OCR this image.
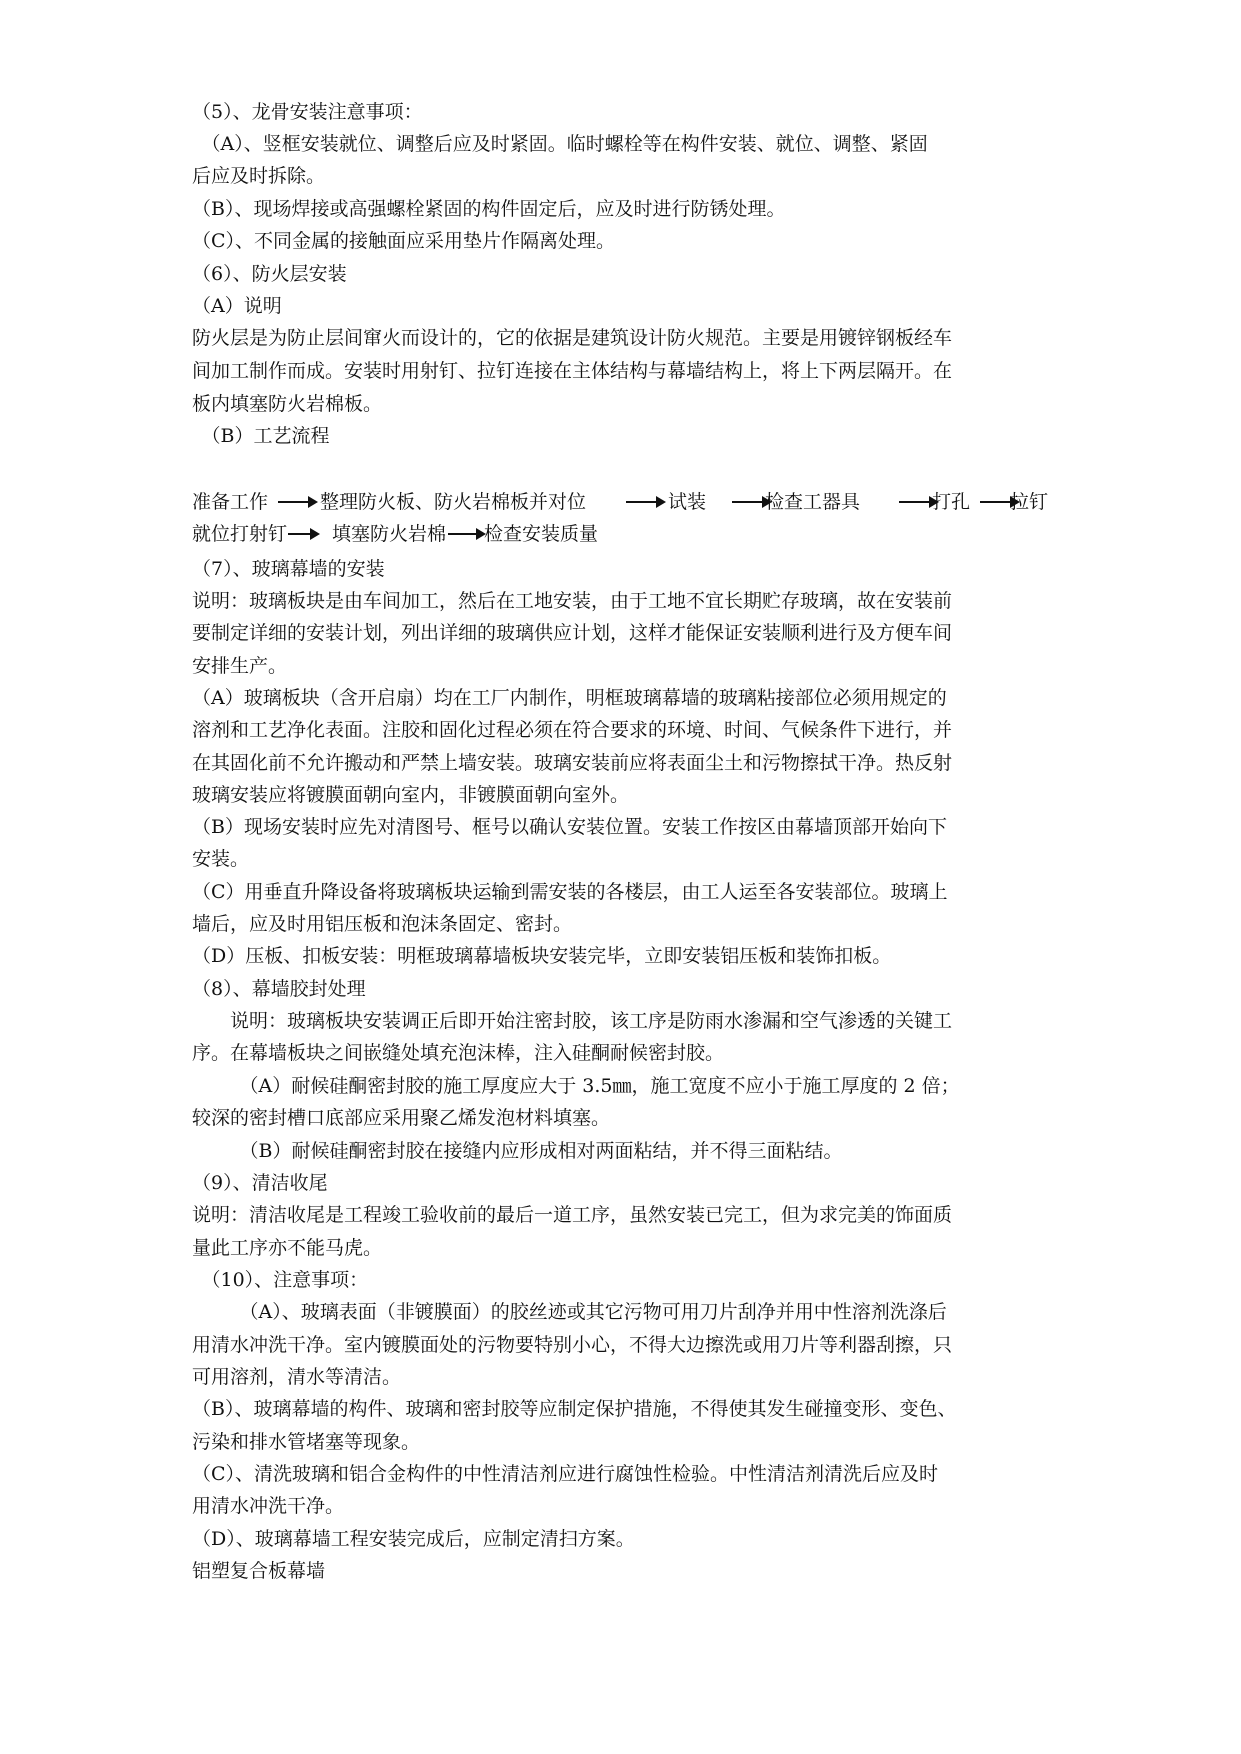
（5）、龙骨安装注意事项：
　（A）、竖框安装就位、调整后应及时紧固。临时螺栓等在构件安装、就位、调整、紧固
后应及时拆除。
（B）、现场焊接或高强螺栓紧固的构件固定后，应及时进行防锈处理。
（C）、不同金属的接触面应采用垫片作隔离处理。
（6）、防火层安装
（A）说明
防火层是为防止层间窜火而设计的，它的依据是建筑设计防火规范。主要是用镀锌钢板经车
间加工制作而成。安装时用射钉、拉钉连接在主体结构与幕墙结构上，将上下两层隔开。在
板内填塞防火岩棉板。
　（B）工艺流程
（7）、玻璃幕墙的安装
说明：玻璃板块是由车间加工，然后在工地安装，由于工地不宜长期贮存玻璃，故在安装前
要制定详细的安装计划，列出详细的玻璃供应计划，这样才能保证安装顺利进行及方便车间
安排生产。
（A）玻璃板块（含开启扇）均在工厂内制作，明框玻璃幕墙的玻璃粘接部位必须用规定的
溶剂和工艺净化表面。注胶和固化过程必须在符合要求的环境、时间、气候条件下进行，并
在其固化前不允许搬动和严禁上墙安装。玻璃安装前应将表面尘土和污物擦拭干净。热反射
玻璃安装应将镀膜面朝向室内，非镀膜面朝向室外。
（B）现场安装时应先对清图号、框号以确认安装位置。安装工作按区由幕墙顶部开始向下
安装。
（C）用垂直升降设备将玻璃板块运输到需安装的各楼层，由工人运至各安装部位。玻璃上
墙后，应及时用铝压板和泡沫条固定、密封。
（D）压板、扣板安装：明框玻璃幕墙板块安装完毕，立即安装铝压板和装饰扣板。
（8）、幕墙胶封处理
　　说明：玻璃板块安装调正后即开始注密封胶，该工序是防雨水渗漏和空气渗透的关键工
序。在幕墙板块之间嵌缝处填充泡沫棒，注入硅酮耐候密封胶。
　　　（A）耐候硅酮密封胶的施工厚度应大于 3.5㎜，施工宽度不应小于施工厚度的 2 倍；
较深的密封槽口底部应采用聚乙烯发泡材料填塞。
　　　（B）耐候硅酮密封胶在接缝内应形成相对两面粘结，并不得三面粘结。
（9）、清洁收尾
说明：清洁收尾是工程竣工验收前的最后一道工序，虽然安装已完工，但为求完美的饰面质
量此工序亦不能马虎。
　（10）、注意事项：
　　　（A）、玻璃表面（非镀膜面）的胶丝迹或其它污物可用刀片刮净并用中性溶剂洗涤后
用清水冲洗干净。室内镀膜面处的污物要特别小心，不得大边擦洗或用刀片等利器刮擦，只
可用溶剂，清水等清洁。
（B）、玻璃幕墙的构件、玻璃和密封胶等应制定保护措施，不得使其发生碰撞变形、变色、
污染和排水管堵塞等现象。
（C）、清洗玻璃和铝合金构件的中性清洁剂应进行腐蚀性检验。中性清洁剂清洗后应及时
用清水冲洗干净。
（D）、玻璃幕墙工程安装完成后，应制定清扫方案。
铝塑复合板幕墙
准备工作	整理防火板、防火岩棉板并对位	试装	检查工器具	打孔 拉钉
就位打射钉 填塞防火岩棉 检查安装质量
